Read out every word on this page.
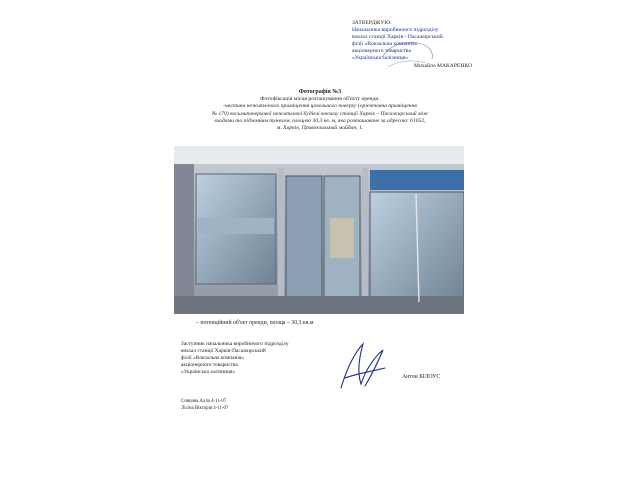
ЗАТВЕРДЖУЮ:
Начальника виробничого підрозділу
вокзал станції Харків - Пасажирський
філії «Вокзальна компанія»
акціонерного товариства
«Українська залізниця»
Михайло МАКАРЕНКО
Фотографія №3
Фотофіксація місця розташування об'єкту оренди.
-частина нежитлового приміщення цокольного поверху (орієнтовна приміщення
№ 170) восьмиповерхової нежитлової будівлі вокзалу станції Харків – Пасажирський між
входами та підземним тунелем, площею 30,3 кв. м, яка розташоване за адресою: 61052,
м. Харків, Привокзальний майдан, 1.
– потенційний об'єкт оренди, площа – 30,3 кв.м
Заступник начальника виробничого підрозділу
вокзал станції Харків-Пасажирський
філії «Вокзальна компанія»
акціонерного товариства
«Українська залізниця»
Антон БІЛОУС
Сивцова Алла 4-11-07
Лісіна Вікторія 4-11-07
